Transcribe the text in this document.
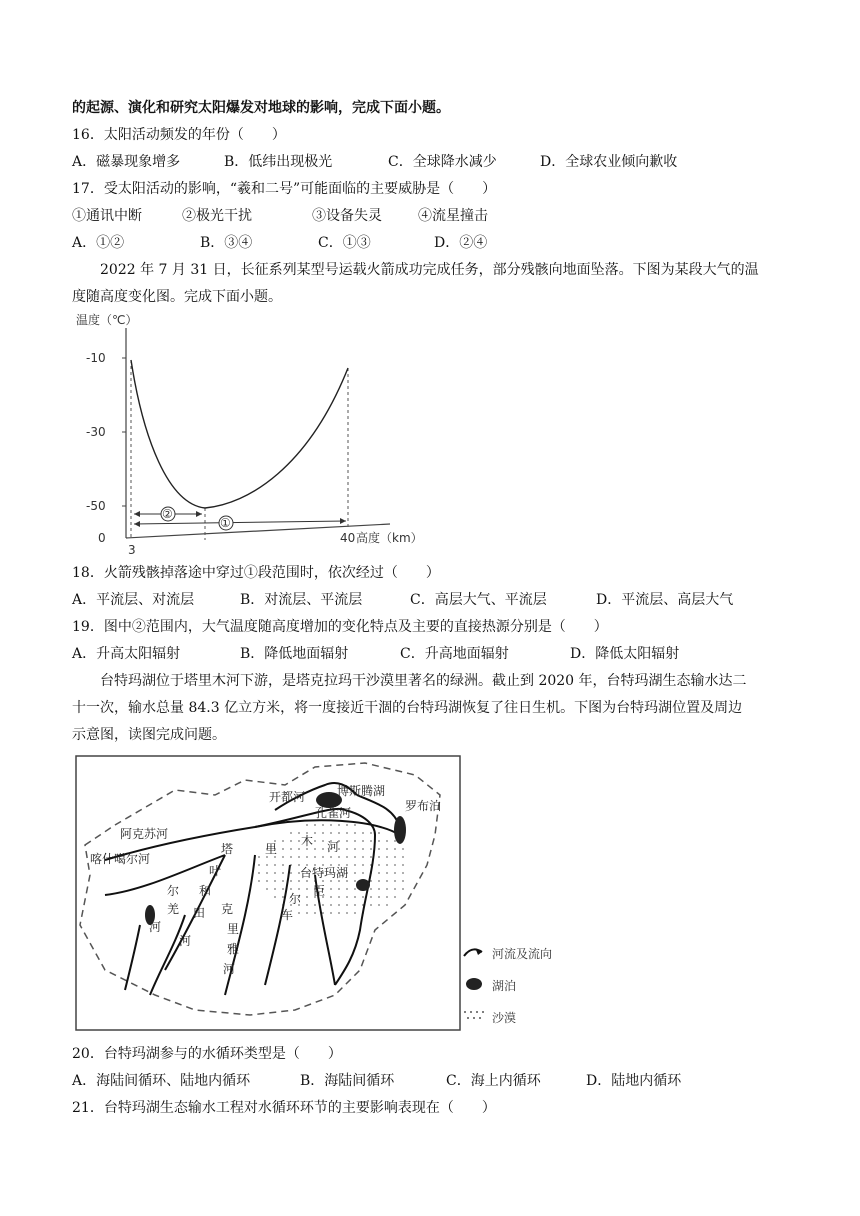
的起源、演化和研究太阳爆发对地球的影响，完成下面小题。
16．太阳活动频发的年份（　　）
A．磁暴现象增多	B．低纬出现极光	C．全球降水减少	D．全球农业倾向歉收
17．受太阳活动的影响，“羲和二号”可能面临的主要威胁是（　　）
①通讯中断	②极光干扰	③设备失灵	④流星撞击
A．①②	B．③④	C．①③	D．②④
2022 年 7 月 31 日，长征系列某型号运载火箭成功完成任务，部分残骸向地面坠落。下图为某段大气的温
度随高度变化图。完成下面小题。
温度（℃）
-10
-30
-50
0
②
①
3
40 高度（km）
18．火箭残骸掉落途中穿过①段范围时，依次经过（　　）
A．平流层、对流层	B．对流层、平流层	C．高层大气、平流层	D．平流层、高层大气
19．图中②范围内，大气温度随高度增加的变化特点及主要的直接热源分别是（　　）
A．升高太阳辐射	B．降低地面辐射	C．升高地面辐射	D．降低太阳辐射
台特玛湖位于塔里木河下游，是塔克拉玛干沙漠里著名的绿洲。截止到 2020 年，台特玛湖生态输水达二
十一次，输水总量 84.3 亿立方米，将一度接近干涸的台特玛湖恢复了往日生机。下图为台特玛湖位置及周边
示意图，读图完成问题。
开都河	博斯腾湖
孔雀河	罗布泊
阿克苏河
喀什噶尔河
塔	里
木 河
台特玛湖
叶
尔
羌
河
和
田
河
克
里
雅
河
车
尔
臣
河流及流向
湖泊
沙漠
20．台特玛湖参与的水循环类型是（　　）
A．海陆间循环、陆地内循环	B．海陆间循环	C．海上内循环	D．陆地内循环
21．台特玛湖生态输水工程对水循环环节的主要影响表现在（　　）
